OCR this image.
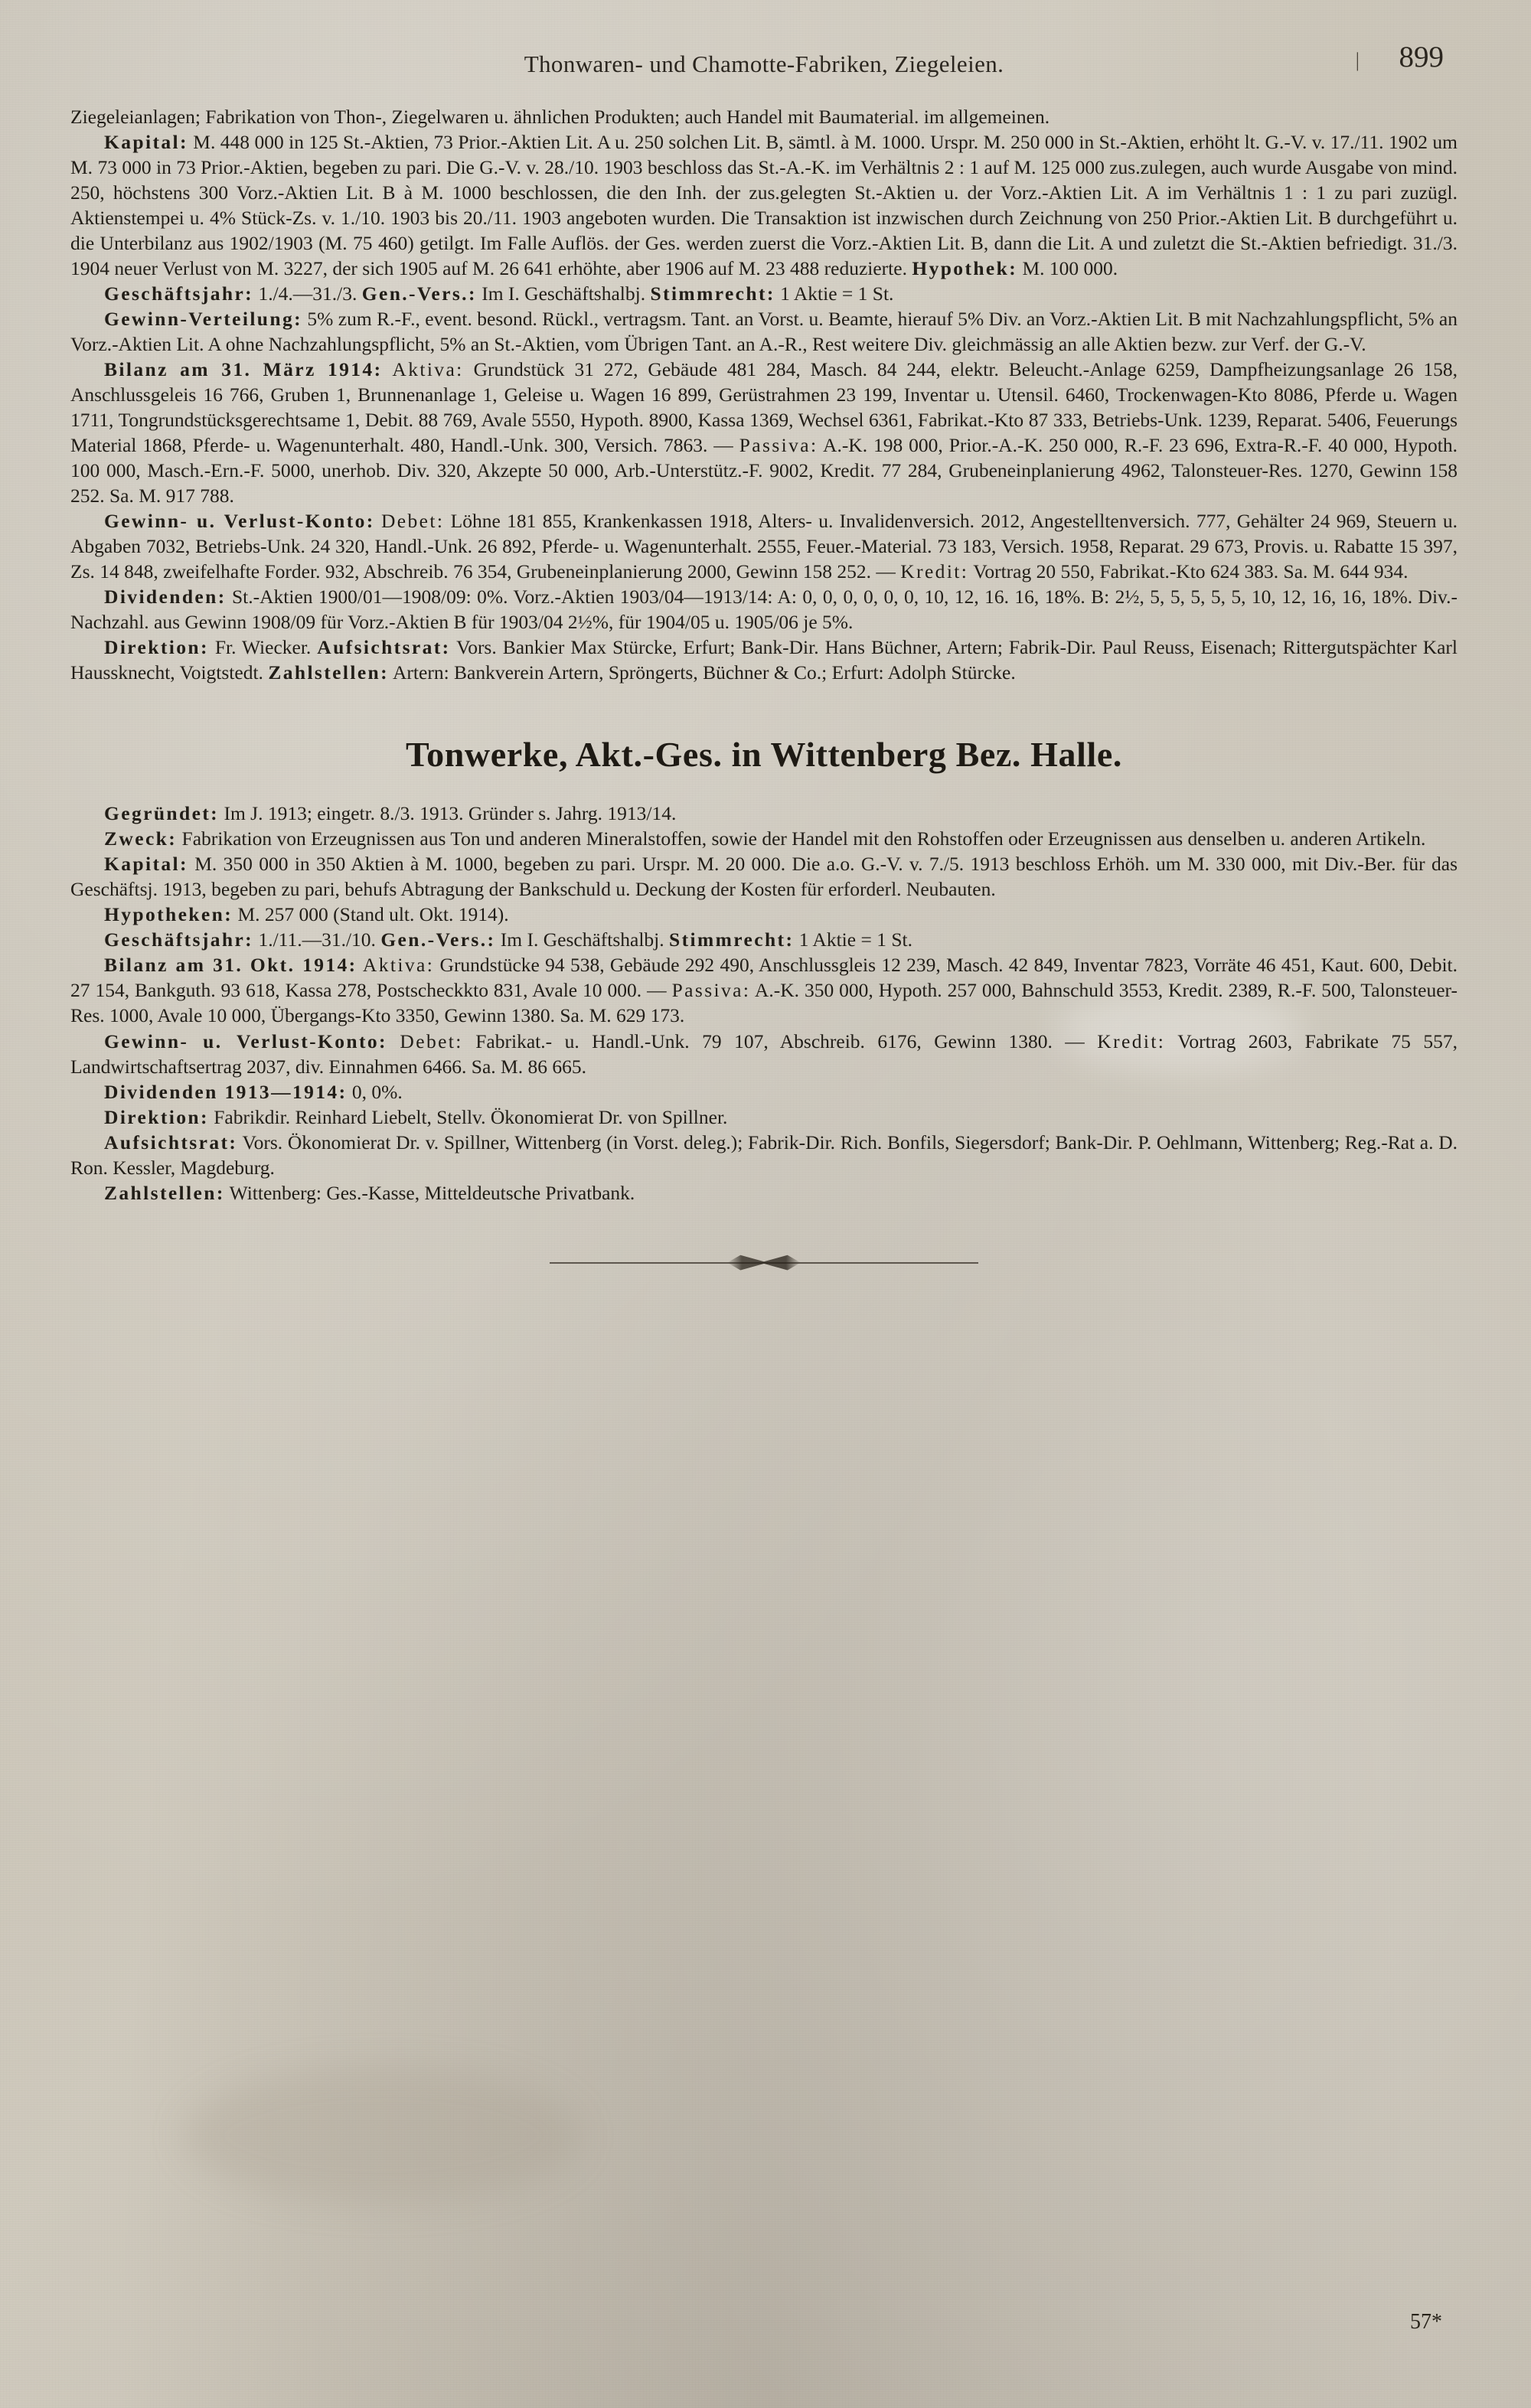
Thonwaren- und Chamotte-Fabriken, Ziegeleien.	| 899

Ziegeleianlagen; Fabrikation von Thon-, Ziegelwaren u. ähnlichen Produkten; auch Handel mit Baumaterial. im allgemeinen.

Kapital: M. 448 000 in 125 St.-Aktien, 73 Prior.-Aktien Lit. A u. 250 solchen Lit. B, sämtl. à M. 1000. Urspr. M. 250 000 in St.-Aktien, erhöht lt. G.-V. v. 17./11. 1902 um M. 73 000 in 73 Prior.-Aktien, begeben zu pari. Die G.-V. v. 28./10. 1903 beschloss das St.-A.-K. im Verhältnis 2 : 1 auf M. 125 000 zus.zulegen, auch wurde Ausgabe von mind. 250, höchstens 300 Vorz.-Aktien Lit. B à M. 1000 beschlossen, die den Inh. der zus.gelegten St.-Aktien u. der Vorz.-Aktien Lit. A im Verhältnis 1 : 1 zu pari zuzügl. Aktienstempei u. 4% Stück-Zs. v. 1./10. 1903 bis 20./11. 1903 angeboten wurden. Die Transaktion ist inzwischen durch Zeichnung von 250 Prior.-Aktien Lit. B durchgeführt u. die Unterbilanz aus 1902/1903 (M. 75 460) getilgt. Im Falle Auflös. der Ges. werden zuerst die Vorz.-Aktien Lit. B, dann die Lit. A und zuletzt die St.-Aktien befriedigt. 31./3. 1904 neuer Verlust von M. 3227, der sich 1905 auf M. 26 641 erhöhte, aber 1906 auf M. 23 488 reduzierte. Hypothek: M. 100 000.

Geschäftsjahr: 1./4.—31./3. Gen.-Vers.: Im I. Geschäftshalbj. Stimmrecht: 1 Aktie = 1 St.

Gewinn-Verteilung: 5% zum R.-F., event. besond. Rückl., vertragsm. Tant. an Vorst. u. Beamte, hierauf 5% Div. an Vorz.-Aktien Lit. B mit Nachzahlungspflicht, 5% an Vorz.-Aktien Lit. A ohne Nachzahlungspflicht, 5% an St.-Aktien, vom Übrigen Tant. an A.-R., Rest weitere Div. gleichmässig an alle Aktien bezw. zur Verf. der G.-V.

Bilanz am 31. März 1914: Aktiva: Grundstück 31 272, Gebäude 481 284, Masch. 84 244, elektr. Beleucht.-Anlage 6259, Dampfheizungsanlage 26 158, Anschlussgeleis 16 766, Gruben 1, Brunnenanlage 1, Geleise u. Wagen 16 899, Gerüstrahmen 23 199, Inventar u. Utensil. 6460, Trockenwagen-Kto 8086, Pferde u. Wagen 1711, Tongrundstücksgerechtsame 1, Debit. 88 769, Avale 5550, Hypoth. 8900, Kassa 1369, Wechsel 6361, Fabrikat.-Kto 87 333, Betriebs-Unk. 1239, Reparat. 5406, Feuerungs Material 1868, Pferde- u. Wagenunterhalt. 480, Handl.-Unk. 300, Versich. 7863. — Passiva: A.-K. 198 000, Prior.-A.-K. 250 000, R.-F. 23 696, Extra-R.-F. 40 000, Hypoth. 100 000, Masch.-Ern.-F. 5000, unerhob. Div. 320, Akzepte 50 000, Arb.-Unterstütz.-F. 9002, Kredit. 77 284, Grubeneinplanierung 4962, Talonsteuer-Res. 1270, Gewinn 158 252. Sa. M. 917 788.

Gewinn- u. Verlust-Konto: Debet: Löhne 181 855, Krankenkassen 1918, Alters- u. Invalidenversich. 2012, Angestelltenversich. 777, Gehälter 24 969, Steuern u. Abgaben 7032, Betriebs-Unk. 24 320, Handl.-Unk. 26 892, Pferde- u. Wagenunterhalt. 2555, Feuer.-Material. 73 183, Versich. 1958, Reparat. 29 673, Provis. u. Rabatte 15 397, Zs. 14 848, zweifelhafte Forder. 932, Abschreib. 76 354, Grubeneinplanierung 2000, Gewinn 158 252. — Kredit: Vortrag 20 550, Fabrikat.-Kto 624 383. Sa. M. 644 934.

Dividenden: St.-Aktien 1900/01—1908/09: 0%. Vorz.-Aktien 1903/04—1913/14: A: 0, 0, 0, 0, 0, 0, 10, 12, 16. 16, 18%. B: 2½, 5, 5, 5, 5, 5, 10, 12, 16, 16, 18%. Div.-Nachzahl. aus Gewinn 1908/09 für Vorz.-Aktien B für 1903/04 2½%, für 1904/05 u. 1905/06 je 5%.

Direktion: Fr. Wiecker. Aufsichtsrat: Vors. Bankier Max Stürcke, Erfurt; Bank-Dir. Hans Büchner, Artern; Fabrik-Dir. Paul Reuss, Eisenach; Rittergutspächter Karl Haussknecht, Voigtstedt. Zahlstellen: Artern: Bankverein Artern, Spröngerts, Büchner & Co.; Erfurt: Adolph Stürcke.

Tonwerke, Akt.-Ges. in Wittenberg Bez. Halle.

Gegründet: Im J. 1913; eingetr. 8./3. 1913. Gründer s. Jahrg. 1913/14.

Zweck: Fabrikation von Erzeugnissen aus Ton und anderen Mineralstoffen, sowie der Handel mit den Rohstoffen oder Erzeugnissen aus denselben u. anderen Artikeln.

Kapital: M. 350 000 in 350 Aktien à M. 1000, begeben zu pari. Urspr. M. 20 000. Die a.o. G.-V. v. 7./5. 1913 beschloss Erhöh. um M. 330 000, mit Div.-Ber. für das Geschäftsj. 1913, begeben zu pari, behufs Abtragung der Bankschuld u. Deckung der Kosten für erforderl. Neubauten.

Hypotheken: M. 257 000 (Stand ult. Okt. 1914).

Geschäftsjahr: 1./11.—31./10. Gen.-Vers.: Im I. Geschäftshalbj. Stimmrecht: 1 Aktie = 1 St.

Bilanz am 31. Okt. 1914: Aktiva: Grundstücke 94 538, Gebäude 292 490, Anschlussgleis 12 239, Masch. 42 849, Inventar 7823, Vorräte 46 451, Kaut. 600, Debit. 27 154, Bankguth. 93 618, Kassa 278, Postscheckkto 831, Avale 10 000. — Passiva: A.-K. 350 000, Hypoth. 257 000, Bahnschuld 3553, Kredit. 2389, R.-F. 500, Talonsteuer-Res. 1000, Avale 10 000, Übergangs-Kto 3350, Gewinn 1380. Sa. M. 629 173.

Gewinn- u. Verlust-Konto: Debet: Fabrikat.- u. Handl.-Unk. 79 107, Abschreib. 6176, Gewinn 1380. — Kredit: Vortrag 2603, Fabrikate 75 557, Landwirtschaftsertrag 2037, div. Einnahmen 6466. Sa. M. 86 665.

Dividenden 1913—1914: 0, 0%.

Direktion: Fabrikdir. Reinhard Liebelt, Stellv. Ökonomierat Dr. von Spillner.

Aufsichtsrat: Vors. Ökonomierat Dr. v. Spillner, Wittenberg (in Vorst. deleg.); Fabrik-Dir. Rich. Bonfils, Siegersdorf; Bank-Dir. P. Oehlmann, Wittenberg; Reg.-Rat a. D. Ron. Kessler, Magdeburg.

Zahlstellen: Wittenberg: Ges.-Kasse, Mitteldeutsche Privatbank.

57*
